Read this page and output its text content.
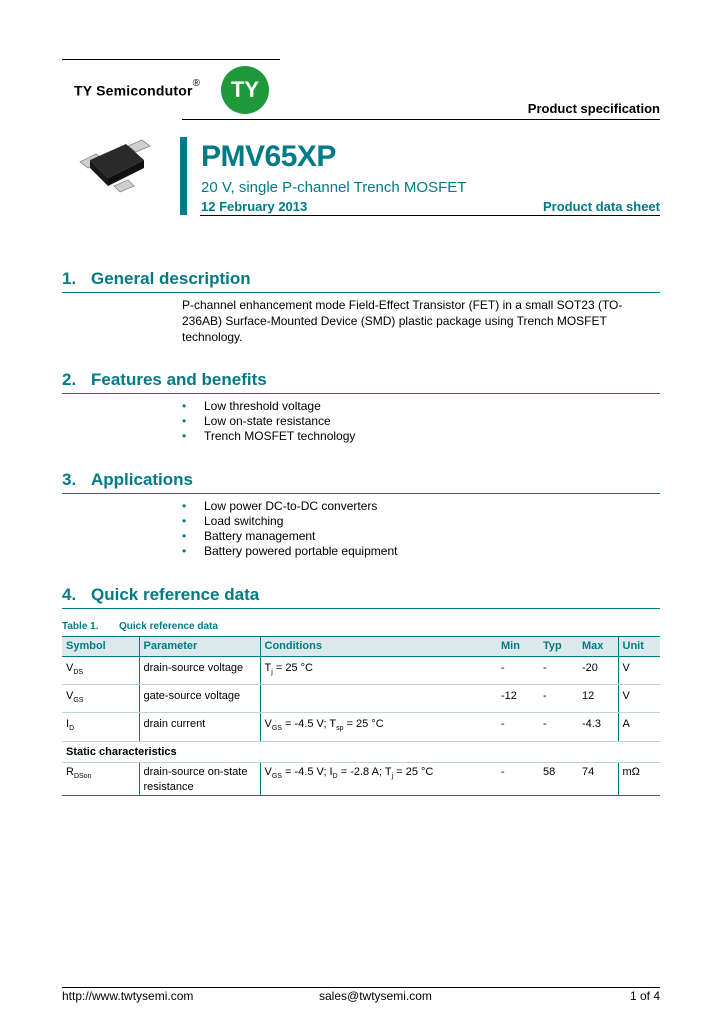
TY Semicondutor® TY
Product specification
PMV65XP
20 V, single P-channel Trench MOSFET
12 February 2013	Product data sheet
1. General description
P-channel enhancement mode Field-Effect Transistor (FET) in a small SOT23 (TO-236AB) Surface-Mounted Device (SMD) plastic package using Trench MOSFET technology.
2. Features and benefits
• Low threshold voltage
• Low on-state resistance
• Trench MOSFET technology
3. Applications
• Low power DC-to-DC converters
• Load switching
• Battery management
• Battery powered portable equipment
4. Quick reference data
Table 1. Quick reference data
Symbol	Parameter	Conditions	Min	Typ	Max	Unit
$V_{DS}$	drain-source voltage	$T_j = 25$ °C	-	-	-20	V
$V_{GS}$	gate-source voltage		-12	-	12	V
$I_D$	drain current	$V_{GS} = -4.5$ V; $T_{sp} = 25$ °C	-	-	-4.3	A
Static characteristics						
$R_{DSon}$	drain-source on-state resistance	$V_{GS} = -4.5$ V; $I_D = -2.8$ A; $T_j = 25$ °C	-	58	74	mΩ
http://www.twtysemi.com	sales@twtysemi.com	1 of 4
